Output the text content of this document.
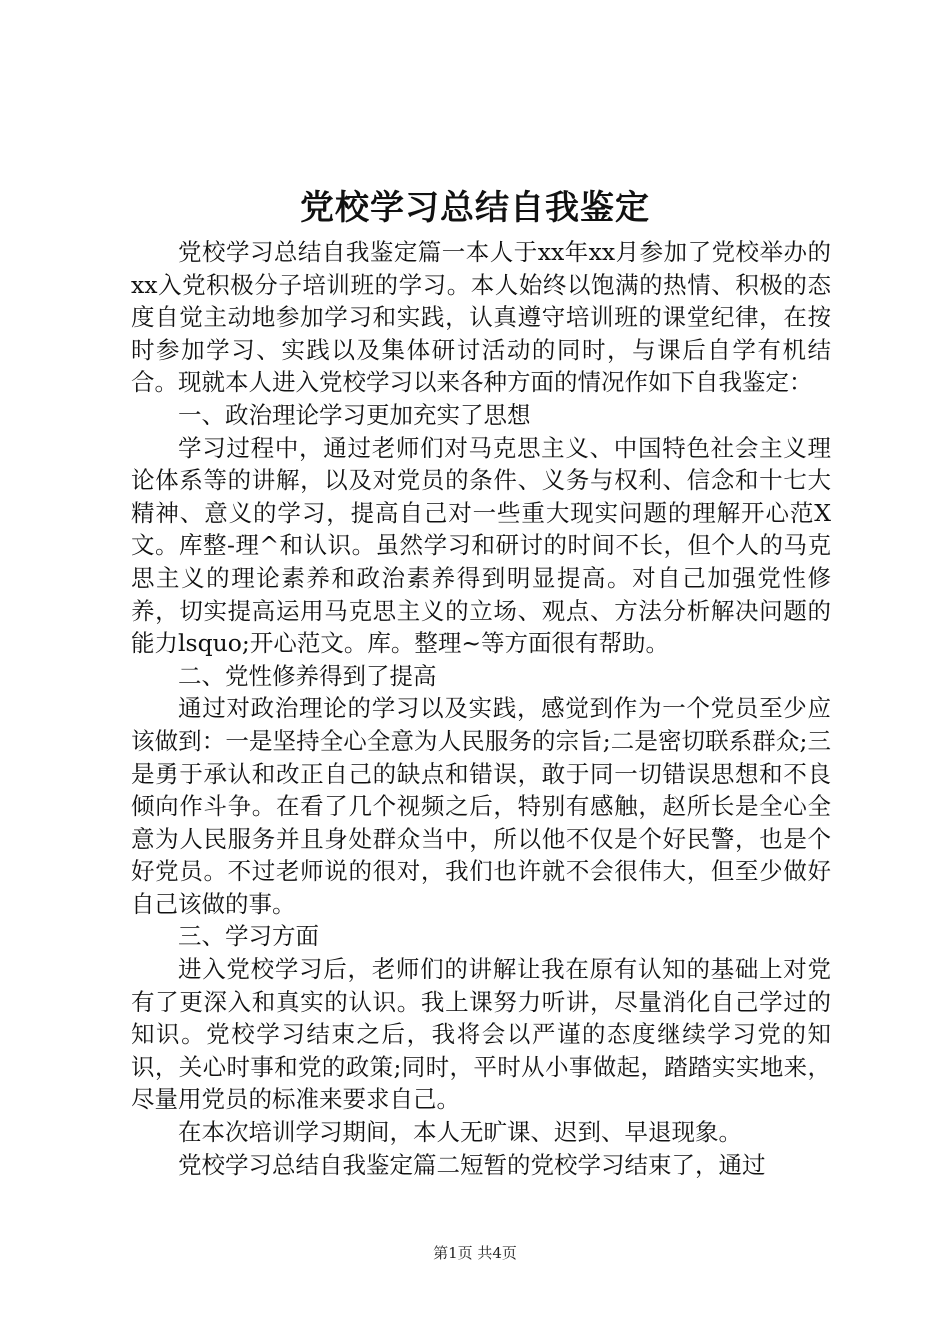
党校学习总结自我鉴定

党校学习总结自我鉴定篇一本人于xx年xx月参加了党校举办的xx入党积极分子培训班的学习。本人始终以饱满的热情、积极的态度自觉主动地参加学习和实践，认真遵守培训班的课堂纪律，在按时参加学习、实践以及集体研讨活动的同时，与课后自学有机结合。现就本人进入党校学习以来各种方面的情况作如下自我鉴定：

一、政治理论学习更加充实了思想

学习过程中，通过老师们对马克思主义、中国特色社会主义理论体系等的讲解，以及对党员的条件、义务与权利、信念和十七大精神、意义的学习，提高自己对一些重大现实问题的理解开心范X文。库整-理^和认识。虽然学习和研讨的时间不长，但个人的马克思主义的理论素养和政治素养得到明显提高。对自己加强党性修养，切实提高运用马克思主义的立场、观点、方法分析解决问题的能力lsquo;开心范文。库。整理~等方面很有帮助。

二、党性修养得到了提高

通过对政治理论的学习以及实践，感觉到作为一个党员至少应该做到：一是坚持全心全意为人民服务的宗旨;二是密切联系群众;三是勇于承认和改正自己的缺点和错误，敢于同一切错误思想和不良倾向作斗争。在看了几个视频之后，特别有感触，赵所长是全心全意为人民服务并且身处群众当中，所以他不仅是个好民警，也是个好党员。不过老师说的很对，我们也许就不会很伟大，但至少做好自己该做的事。

三、学习方面

进入党校学习后，老师们的讲解让我在原有认知的基础上对党有了更深入和真实的认识。我上课努力听讲，尽量消化自己学过的知识。党校学习结束之后，我将会以严谨的态度继续学习党的知识，关心时事和党的政策;同时，平时从小事做起，踏踏实实地来，尽量用党员的标准来要求自己。

在本次培训学习期间，本人无旷课、迟到、早退现象。

党校学习总结自我鉴定篇二短暂的党校学习结束了，通过

第1页 共4页
